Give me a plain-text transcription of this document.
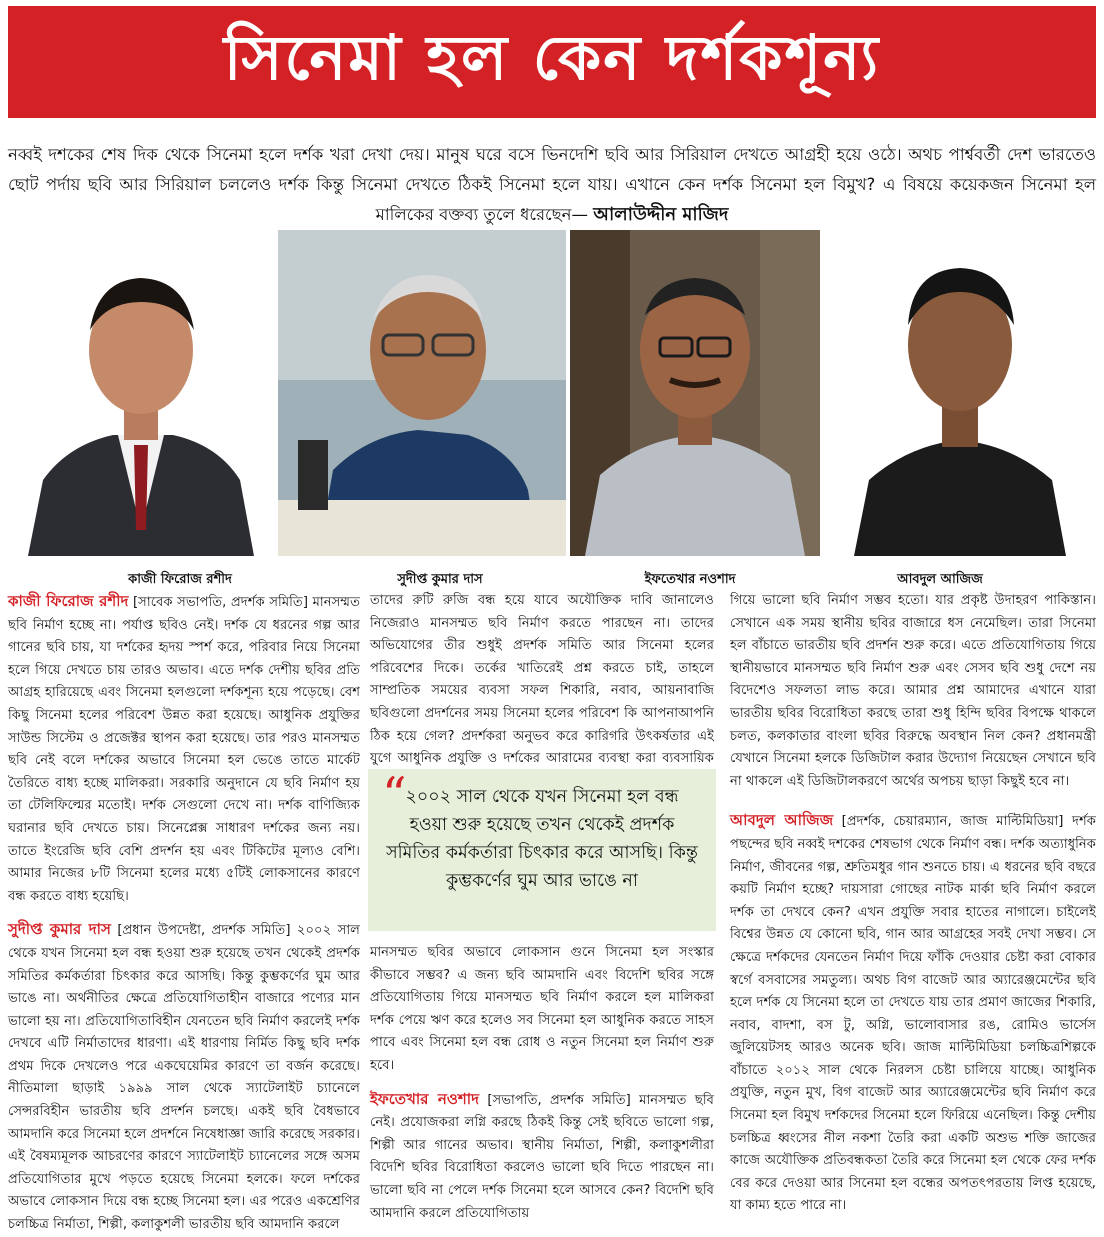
সিনেমা হল কেন দর্শকশূন্য
নব্বই দশকের শেষ দিক থেকে সিনেমা হলে দর্শক খরা দেখা দেয়। মানুষ ঘরে বসে ভিনদেশি ছবি আর সিরিয়াল দেখতে আগ্রহী হয়ে ওঠে। অথচ পার্শ্ববর্তী দেশ ভারতেও ছোট পর্দায় ছবি আর সিরিয়াল চললেও দর্শক কিন্তু সিনেমা দেখতে ঠিকই সিনেমা হলে যায়। এখানে কেন দর্শক সিনেমা হল বিমুখ? এ বিষয়ে কয়েকজন সিনেমা হল মালিকের বক্তব্য তুলে ধরেছেন— আলাউদ্দীন মাজিদ
কাজী ফিরোজ রশীদ	সুদীপ্ত কুমার দাস	ইফতেখার নওশাদ	আবদুল আজিজ

কাজী ফিরোজ রশীদ [সাবেক সভাপতি, প্রদর্শক সমিতি] মানসম্মত ছবি নির্মাণ হচ্ছে না। পর্যাপ্ত ছবিও নেই। দর্শক যে ধরনের গল্প আর গানের ছবি চায়, যা দর্শকের হৃদয় স্পর্শ করে, পরিবার নিয়ে সিনেমা হলে গিয়ে দেখতে চায় তারও অভাব। এতে দর্শক দেশীয় ছবির প্রতি আগ্রহ হারিয়েছে এবং সিনেমা হলগুলো দর্শকশূন্য হয়ে পড়েছে। বেশ কিছু সিনেমা হলের পরিবেশ উন্নত করা হয়েছে। আধুনিক প্রযুক্তির সাউন্ড সিস্টেম ও প্রজেক্টর স্থাপন করা হয়েছে। তার পরও মানসম্মত ছবি নেই বলে দর্শকের অভাবে সিনেমা হল ভেঙে তাতে মার্কেট তৈরিতে বাধ্য হচ্ছে মালিকরা। সরকারি অনুদানে যে ছবি নির্মাণ হয় তা টেলিফিল্মের মতোই। দর্শক সেগুলো দেখে না। দর্শক বাণিজ্যিক ঘরানার ছবি দেখতে চায়। সিনেপ্লেক্স সাধারণ দর্শকের জন্য নয়। তাতে ইংরেজি ছবি বেশি প্রদর্শন হয় এবং টিকিটের মূল্যও বেশি। আমার নিজের ৮টি সিনেমা হলের মধ্যে ৫টিই লোকসানের কারণে বন্ধ করতে বাধ্য হয়েছি।

সুদীপ্ত কুমার দাস [প্রধান উপদেষ্টা, প্রদর্শক সমিতি] ২০০২ সাল থেকে যখন সিনেমা হল বন্ধ হওয়া শুরু হয়েছে তখন থেকেই প্রদর্শক সমিতির কর্মকর্তারা চিৎকার করে আসছি। কিন্তু কুম্ভকর্ণের ঘুম আর ভাঙে না। অর্থনীতির ক্ষেত্রে প্রতিযোগিতাহীন বাজারে পণ্যের মান ভালো হয় না। প্রতিযোগিতাবিহীন যেনতেন ছবি নির্মাণ করলেই দর্শক দেখবে এটি নির্মাতাদের ধারণা। এই ধারণায় নির্মিত কিছু ছবি দর্শক প্রথম দিকে দেখলেও পরে একঘেয়েমির কারণে তা বর্জন করেছে। নীতিমালা ছাড়াই ১৯৯৯ সাল থেকে স্যাটেলাইট চ্যানেলে সেন্সরবিহীন ভারতীয় ছবি প্রদর্শন চলছে। একই ছবি বৈধভাবে আমদানি করে সিনেমা হলে প্রদর্শনে নিষেধাজ্ঞা জারি করেছে সরকার। এই বৈষম্যমূলক আচরণের কারণে স্যাটেলাইট চ্যানেলের সঙ্গে অসম প্রতিযোগিতার মুখে পড়তে হয়েছে সিনেমা হলকে। ফলে দর্শকের অভাবে লোকসান দিয়ে বন্ধ হচ্ছে সিনেমা হল। এর পরেও একশ্রেণির চলচ্চিত্র নির্মাতা, শিল্পী, কলাকুশলী ভারতীয় ছবি আমদানি করলে

তাদের রুটি রুজি বন্ধ হয়ে যাবে অযৌক্তিক দাবি জানালেও নিজেরাও মানসম্মত ছবি নির্মাণ করতে পারছেন না। তাদের অভিযোগের তীর শুধুই প্রদর্শক সমিতি আর সিনেমা হলের পরিবেশের দিকে। তর্কের খাতিরেই প্রশ্ন করতে চাই, তাহলে সাম্প্রতিক সময়ের ব্যবসা সফল শিকারি, নবাব, আয়নাবাজি ছবিগুলো প্রদর্শনের সময় সিনেমা হলের পরিবেশ কি আপনাআপনি ঠিক হয়ে গেল? প্রদর্শকরা অনুভব করে কারিগরি উৎকর্ষতার এই যুগে আধুনিক প্রযুক্তি ও দর্শকের আরামের ব্যবস্থা করা ব্যবসায়িক

“
২০০২ সাল থেকে যখন সিনেমা হল বন্ধ হওয়া শুরু হয়েছে তখন থেকেই প্রদর্শক সমিতির কর্মকর্তারা চিৎকার করে আসছি। কিন্তু কুম্ভকর্ণের ঘুম আর ভাঙে না

মানসম্মত ছবির অভাবে লোকসান গুনে সিনেমা হল সংস্কার কীভাবে সম্ভব? এ জন্য ছবি আমদানি এবং বিদেশি ছবির সঙ্গে প্রতিযোগিতায় গিয়ে মানসম্মত ছবি নির্মাণ করলে হল মালিকরা দর্শক পেয়ে ঋণ করে হলেও সব সিনেমা হল আধুনিক করতে সাহস পাবে এবং সিনেমা হল বন্ধ রোধ ও নতুন সিনেমা হল নির্মাণ শুরু হবে।

ইফতেখার নওশাদ [সভাপতি, প্রদর্শক সমিতি] মানসম্মত ছবি নেই। প্রযোজকরা লগ্নি করছে ঠিকই কিন্তু সেই ছবিতে ভালো গল্প, শিল্পী আর গানের অভাব। স্থানীয় নির্মাতা, শিল্পী, কলাকুশলীরা বিদেশি ছবির বিরোধিতা করলেও ভালো ছবি দিতে পারছেন না। ভালো ছবি না পেলে দর্শক সিনেমা হলে আসবে কেন? বিদেশি ছবি আমদানি করলে প্রতিযোগিতায়

গিয়ে ভালো ছবি নির্মাণ সম্ভব হতো। যার প্রকৃষ্ট উদাহরণ পাকিস্তান। সেখানে এক সময় স্থানীয় ছবির বাজারে ধস নেমেছিল। তারা সিনেমা হল বাঁচাতে ভারতীয় ছবি প্রদর্শন শুরু করে। এতে প্রতিযোগিতায় গিয়ে স্থানীয়ভাবে মানসম্মত ছবি নির্মাণ শুরু এবং সেসব ছবি শুধু দেশে নয় বিদেশেও সফলতা লাভ করে। আমার প্রশ্ন আমাদের এখানে যারা ভারতীয় ছবির বিরোধিতা করছে তারা শুধু হিন্দি ছবির বিপক্ষে থাকলে চলত, কলকাতার বাংলা ছবির বিরুদ্ধে অবস্থান নিল কেন? প্রধানমন্ত্রী যেখানে সিনেমা হলকে ডিজিটাল করার উদ্যোগ নিয়েছেন সেখানে ছবি না থাকলে এই ডিজিটালকরণে অর্থের অপচয় ছাড়া কিছুই হবে না।

আবদুল আজিজ [প্রদর্শক, চেয়ারম্যান, জাজ মাল্টিমিডিয়া] দর্শক পছন্দের ছবি নব্বই দশকের শেষভাগ থেকে নির্মাণ বন্ধ। দর্শক অত্যাধুনিক নির্মাণ, জীবনের গল্প, শ্রুতিমধুর গান শুনতে চায়। এ ধরনের ছবি বছরে কয়টি নির্মাণ হচ্ছে? দায়সারা গোছের নাটক মার্কা ছবি নির্মাণ করলে দর্শক তা দেখবে কেন? এখন প্রযুক্তি সবার হাতের নাগালে। চাইলেই বিশ্বের উন্নত যে কোনো ছবি, গান আর আগ্রহের সবই দেখা সম্ভব। সে ক্ষেত্রে দর্শকদের যেনতেন নির্মাণ দিয়ে ফাঁকি দেওয়ার চেষ্টা করা বোকার স্বর্গে বসবাসের সমতুল্য। অথচ বিগ বাজেট আর অ্যারেঞ্জমেন্টের ছবি হলে দর্শক যে সিনেমা হলে তা দেখতে যায় তার প্রমাণ জাজের শিকারি, নবাব, বাদশা, বস টু, অগ্নি, ভালোবাসার রঙ, রোমিও ভার্সেস জুলিয়েটসহ আরও অনেক ছবি। জাজ মাল্টিমিডিয়া চলচ্চিত্রশিল্পকে বাঁচাতে ২০১২ সাল থেকে নিরলস চেষ্টা চালিয়ে যাচ্ছে। আধুনিক প্রযুক্তি, নতুন মুখ, বিগ বাজেট আর অ্যারেঞ্জমেন্টের ছবি নির্মাণ করে সিনেমা হল বিমুখ দর্শকদের সিনেমা হলে ফিরিয়ে এনেছিল। কিন্তু দেশীয় চলচ্চিত্র ধ্বংসের নীল নকশা তৈরি করা একটি অশুভ শক্তি জাজের কাজে অযৌক্তিক প্রতিবন্ধকতা তৈরি করে সিনেমা হল থেকে ফের দর্শক বের করে দেওয়া আর সিনেমা হল বন্ধের অপতৎপরতায় লিপ্ত হয়েছে, যা কাম্য হতে পারে না।
